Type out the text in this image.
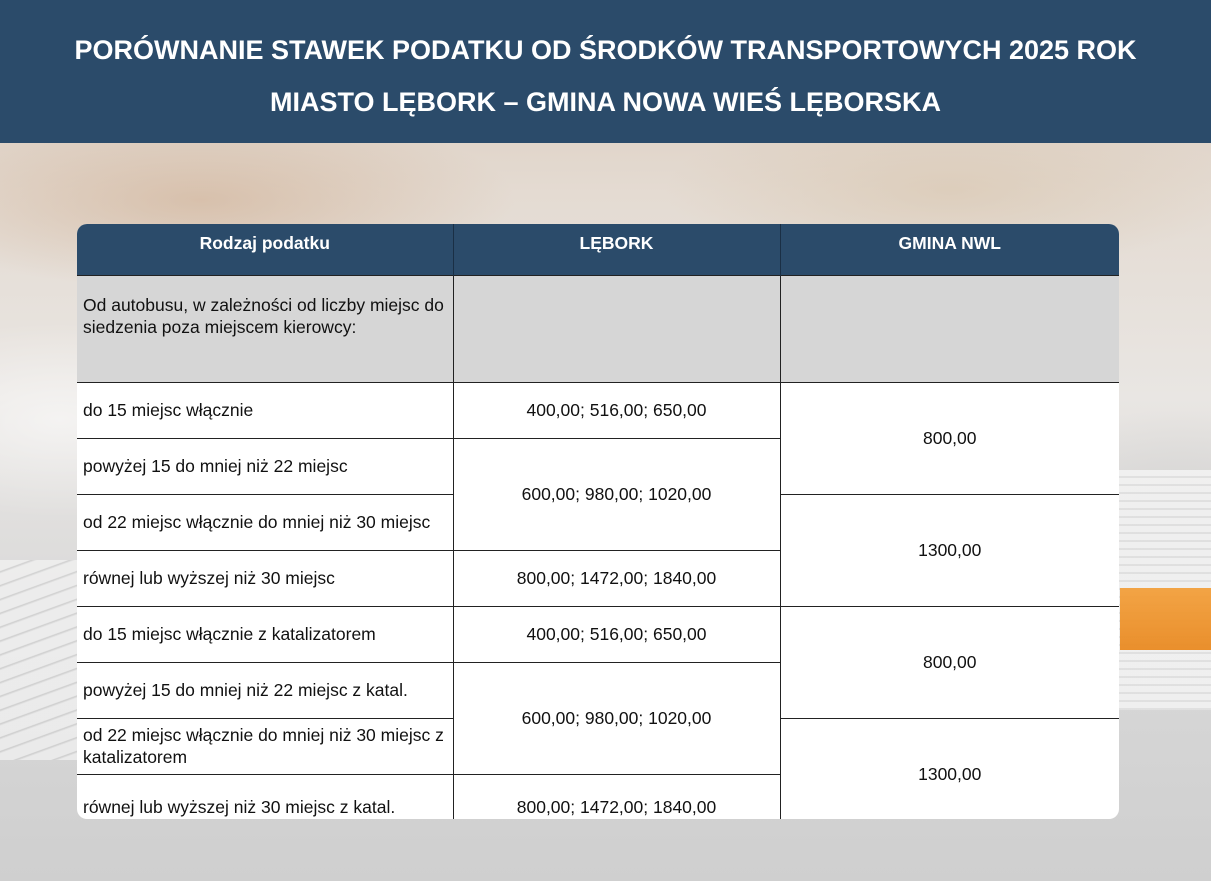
PORÓWNANIE STAWEK PODATKU OD ŚRODKÓW TRANSPORTOWYCH 2025 ROK
MIASTO LĘBORK – GMINA NOWA WIEŚ LĘBORSKA
Rodzaj podatku	LĘBORK	GMINA NWL
Od autobusu, w zależności od liczby miejsc do siedzenia poza miejscem kierowcy:		
do 15 miejsc włącznie	400,00; 516,00; 650,00	800,00
powyżej 15 do mniej niż 22 miejsc	600,00; 980,00; 1020,00	
od 22 miejsc włącznie do mniej niż 30 miejsc		1300,00
równej lub wyższej niż 30 miejsc	800,00; 1472,00; 1840,00	
do 15 miejsc włącznie z katalizatorem	400,00; 516,00; 650,00	800,00
powyżej 15 do mniej niż 22 miejsc z katal.	600,00; 980,00; 1020,00	
od 22 miejsc włącznie do mniej niż 30 miejsc z katalizatorem		1300,00
równej lub wyższej niż 30 miejsc z katal.	800,00; 1472,00; 1840,00	
